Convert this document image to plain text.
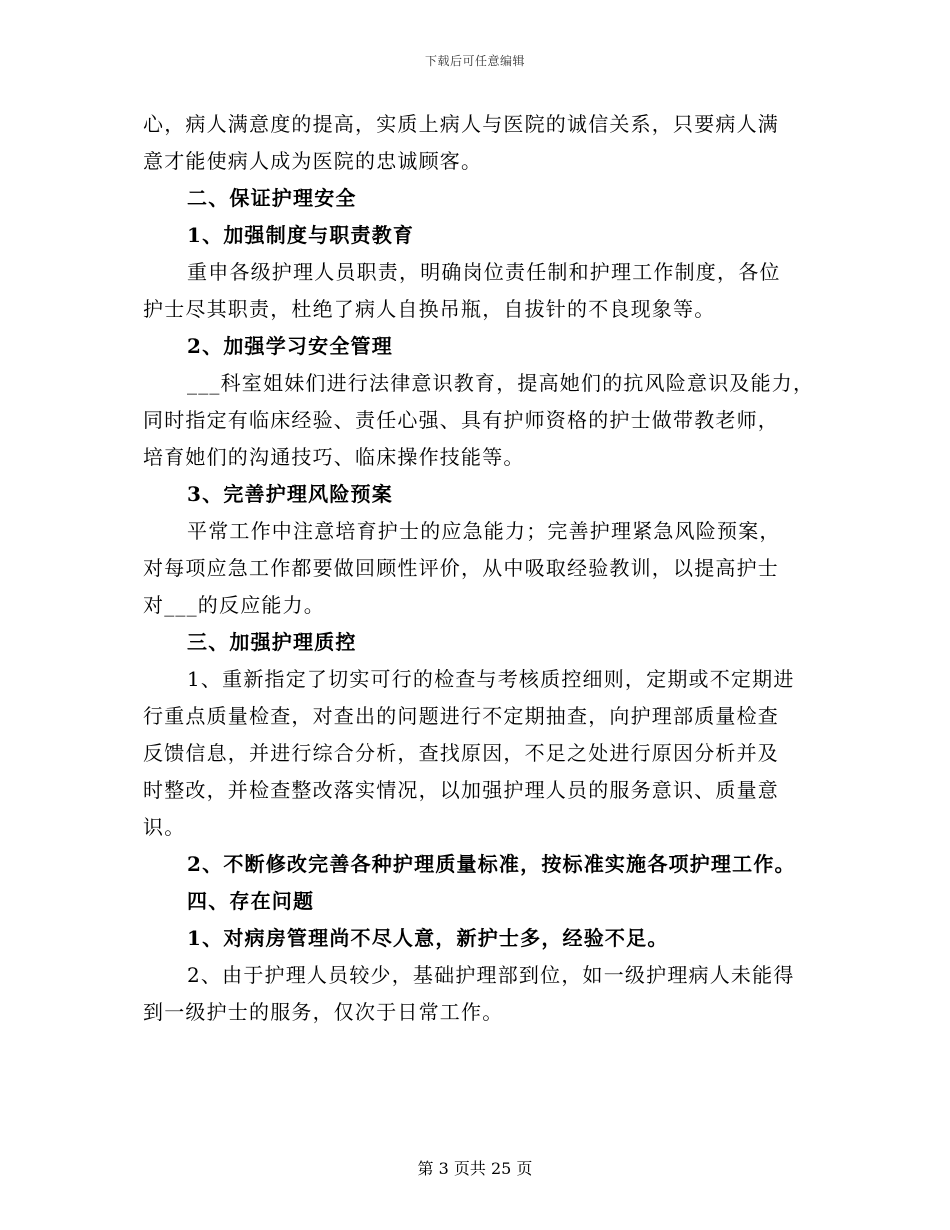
下载后可任意编辑
心，病人满意度的提高，实质上病人与医院的诚信关系，只要病人满
意才能使病人成为医院的忠诚顾客。
二、保证护理安全
1、加强制度与职责教育
重申各级护理人员职责，明确岗位责任制和护理工作制度，各位
护士尽其职责，杜绝了病人自换吊瓶，自拔针的不良现象等。
2、加强学习安全管理
___科室姐妹们进行法律意识教育，提高她们的抗风险意识及能力，
同时指定有临床经验、责任心强、具有护师资格的护士做带教老师，
培育她们的沟通技巧、临床操作技能等。
3、完善护理风险预案
平常工作中注意培育护士的应急能力；完善护理紧急风险预案，
对每项应急工作都要做回顾性评价，从中吸取经验教训，以提高护士
对___的反应能力。
三、加强护理质控
1、重新指定了切实可行的检查与考核质控细则，定期或不定期进
行重点质量检查，对查出的问题进行不定期抽查，向护理部质量检查
反馈信息，并进行综合分析，查找原因，不足之处进行原因分析并及
时整改，并检查整改落实情况，以加强护理人员的服务意识、质量意
识。
2、不断修改完善各种护理质量标准，按标准实施各项护理工作。
四、存在问题
1、对病房管理尚不尽人意，新护士多，经验不足。
2、由于护理人员较少，基础护理部到位，如一级护理病人未能得
到一级护士的服务，仅次于日常工作。
第 3 页共 25 页
